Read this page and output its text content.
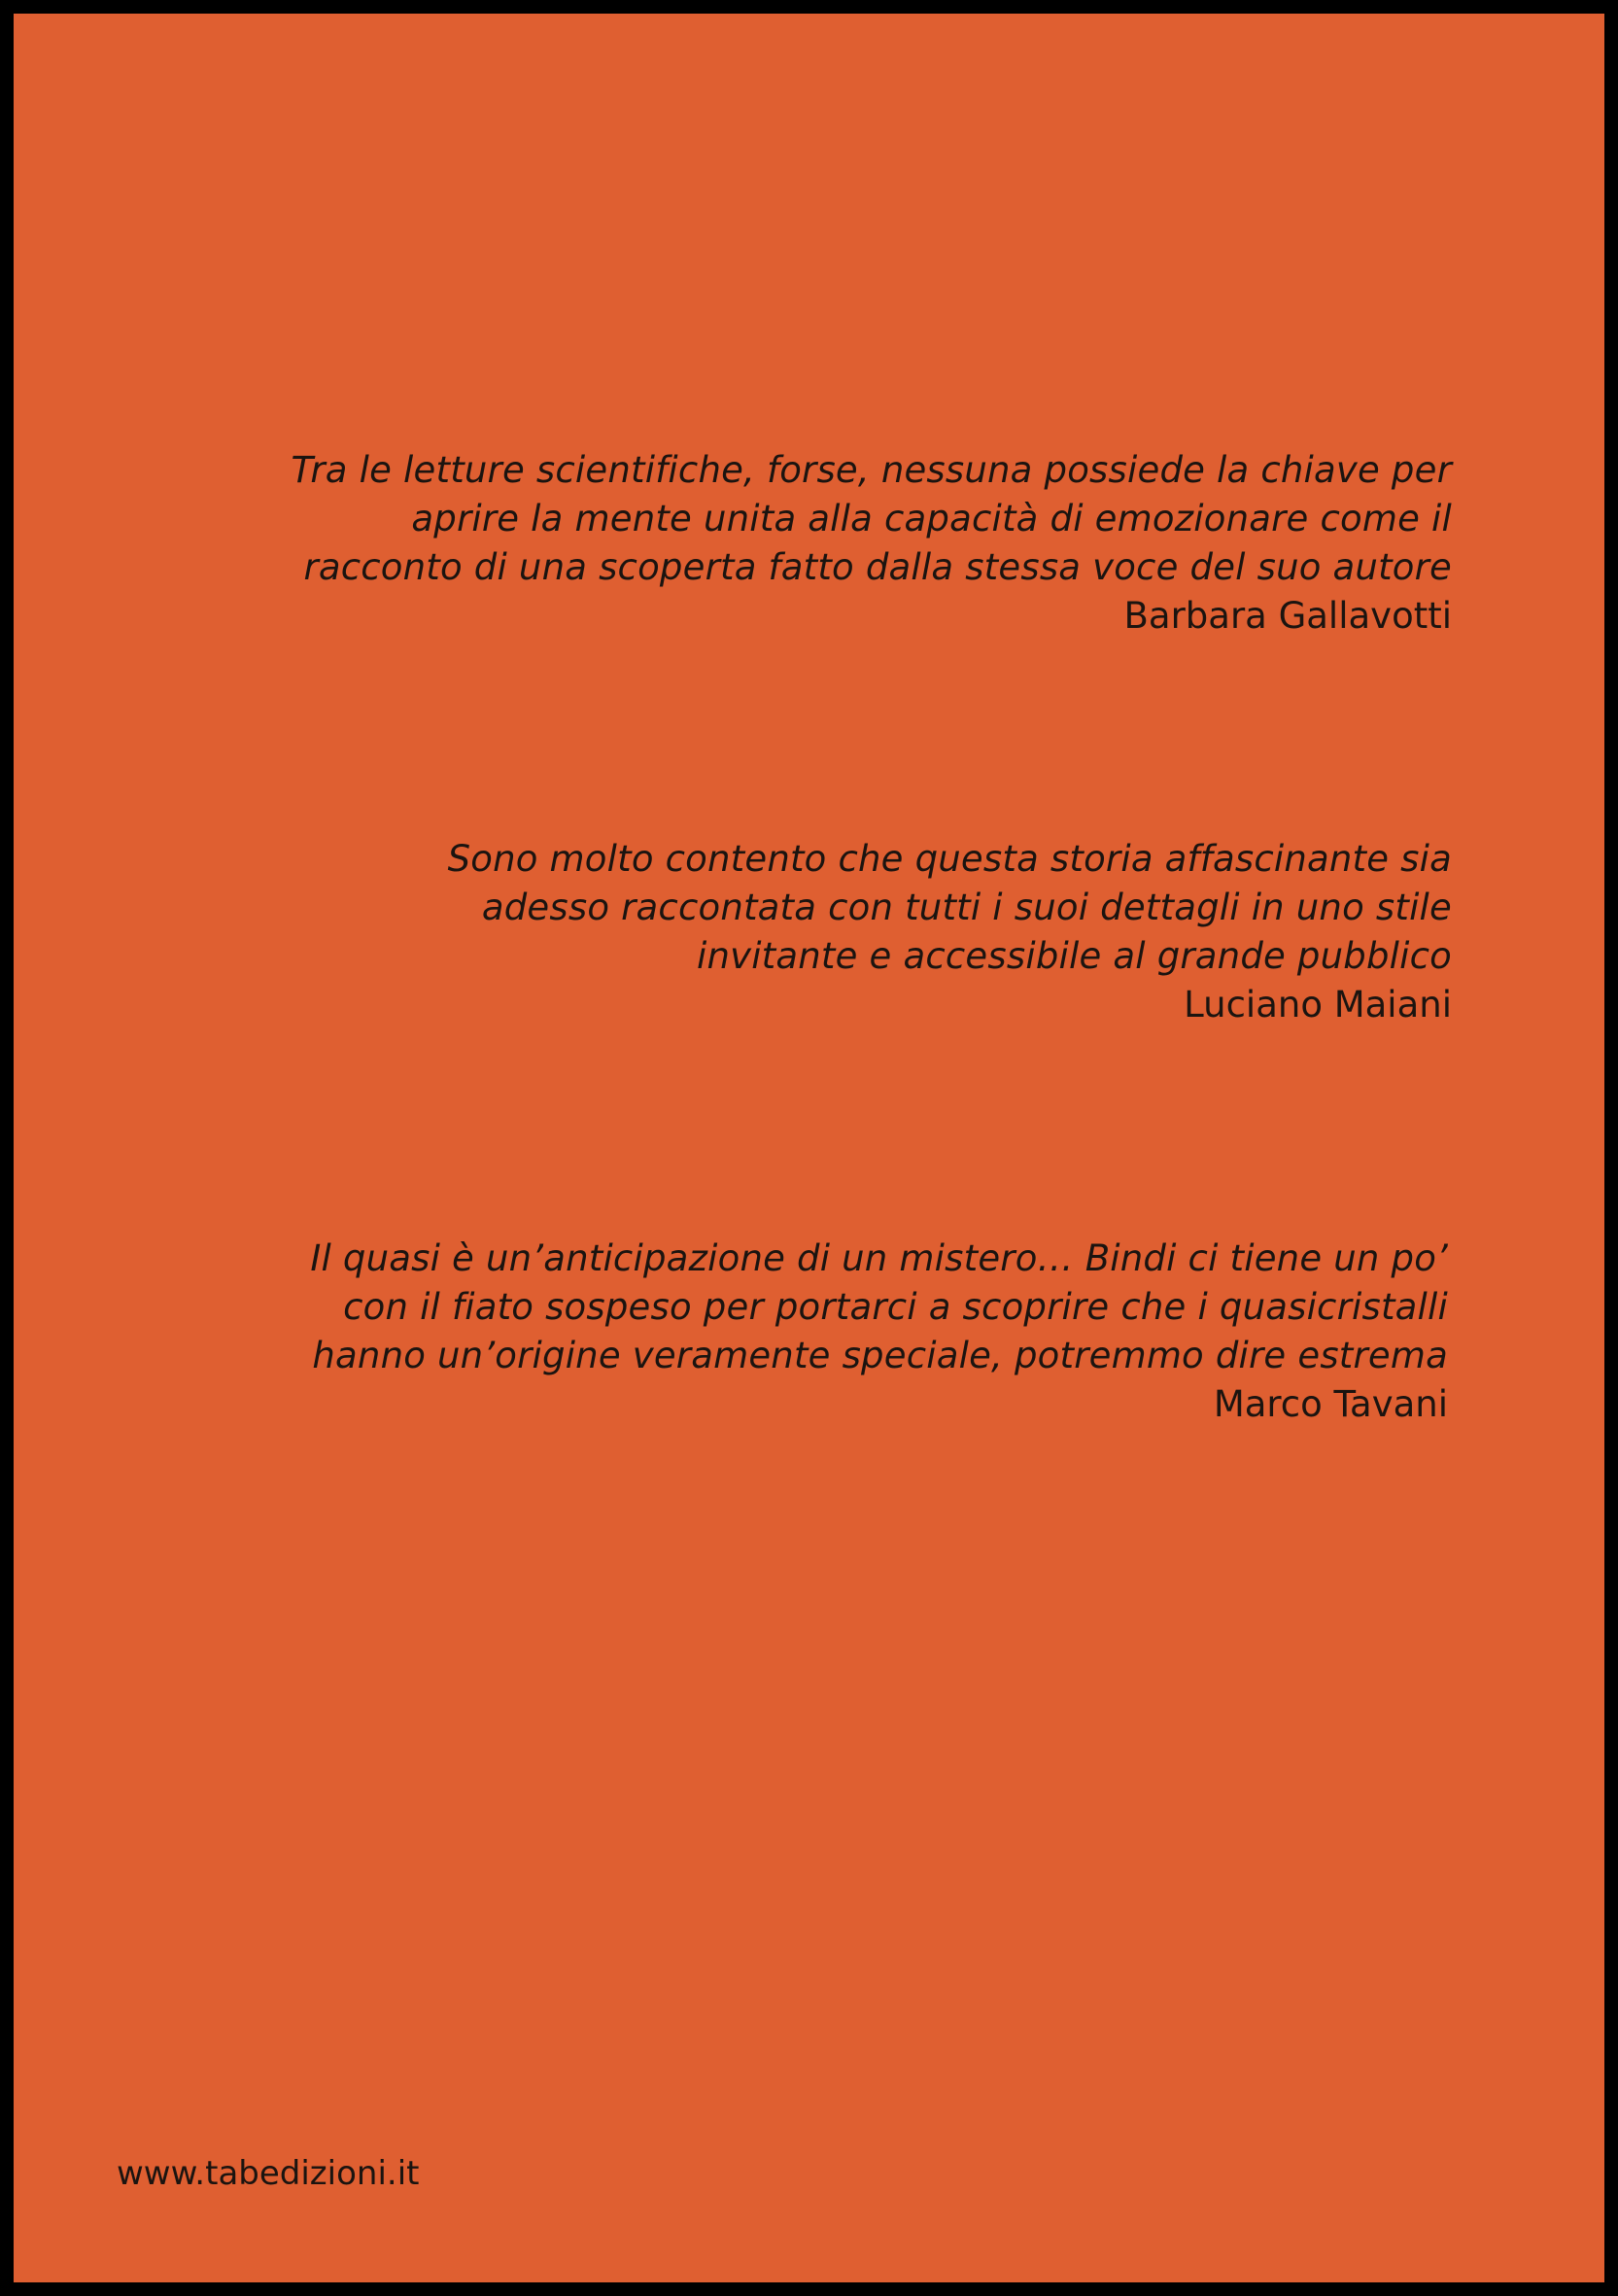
Tra le letture scientifiche, forse, nessuna possiede la chiave per
aprire la mente unita alla capacità di emozionare come il
racconto di una scoperta fatto dalla stessa voce del suo autore
Barbara Gallavotti
Sono molto contento che questa storia affascinante sia
adesso raccontata con tutti i suoi dettagli in uno stile
invitante e accessibile al grande pubblico
Luciano Maiani
Il quasi è un’anticipazione di un mistero… Bindi ci tiene un po’
con il fiato sospeso per portarci a scoprire che i quasicristalli
hanno un’origine veramente speciale, potremmo dire estrema
Marco Tavani
www.tabedizioni.it
